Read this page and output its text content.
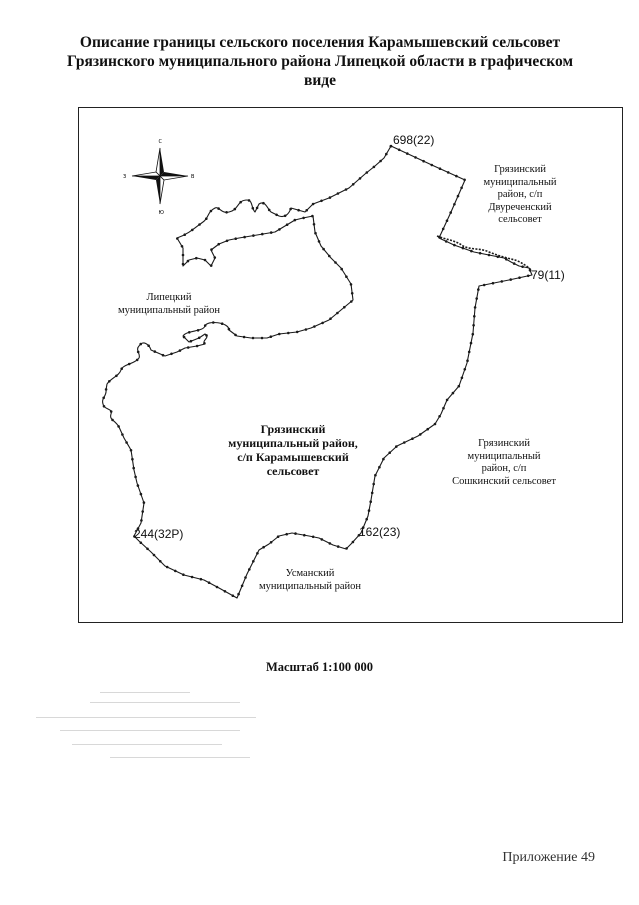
Описание границы сельского поселения Карамышевский сельсовет
Грязинского муниципального района Липецкой области в графическом
виде
С
В
Ю
З
Липецкий
муниципальный район
Грязинский
муниципальный
район, с/п
Двуреченский
сельсовет
Грязинский
муниципальный район,
с/п Карамышевский
сельсовет
Грязинский
муниципальный
район, с/п
Сошкинский сельсовет
Усманский
муниципальный район
698(22)
79(11)
162(23)
244(32Р)
Масштаб 1:100 000
Приложение 49
